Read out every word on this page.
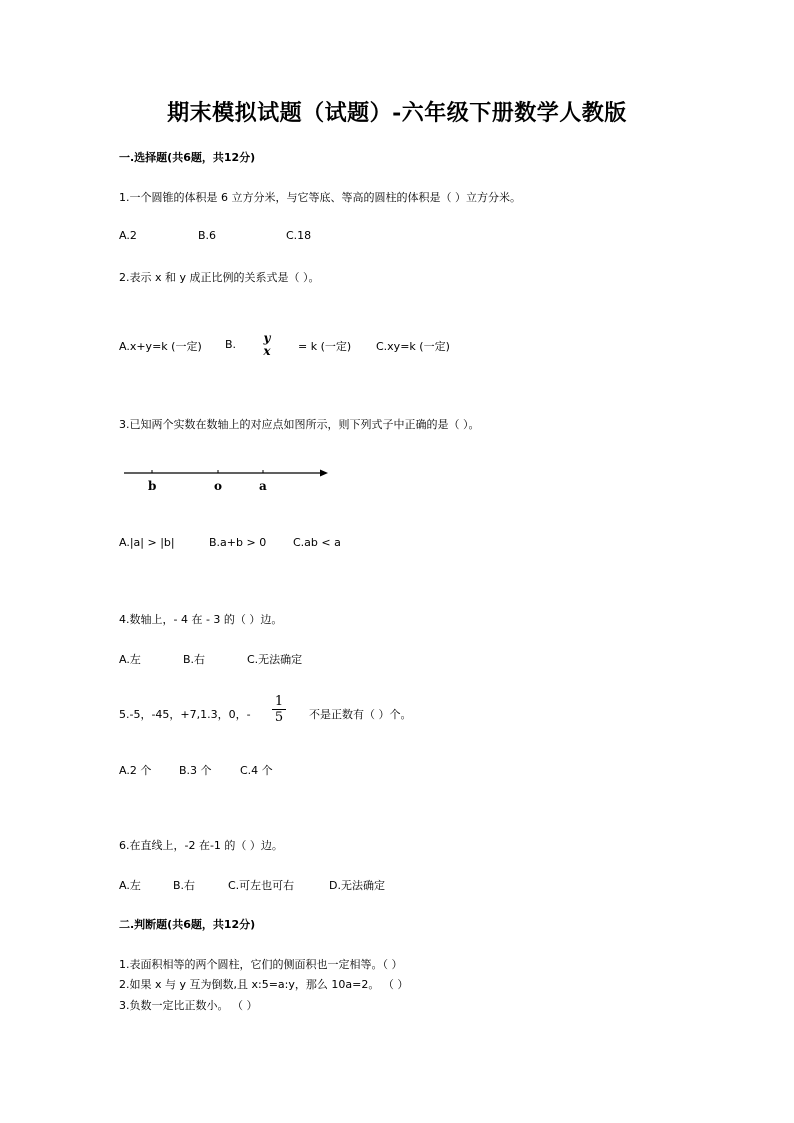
期末模拟试题（试题）-六年级下册数学人教版
一.选择题(共6题，共12分)
1.一个圆锥的体积是 6 立方分米，与它等底、等高的圆柱的体积是（ ）立方分米。
A.2	B.6	C.18
2.表示 x 和 y 成正比例的关系式是（ ）。
A.x+y=k (一定) B. y
x	= k (一定) C.xy=k (一定)
3.已知两个实数在数轴上的对应点如图所示，则下列式子中正确的是（ ）。
b	o	a
A.|a| > |b|	B.a+b > 0 C.ab < a
4.数轴上，- 4 在 - 3 的（ ）边。
A.左	B.右	C.无法确定
5.-5，-45，+7,1.3，0，-
1
5 不是正数有（ ）个。
A.2 个	B.3 个	C.4 个
6.在直线上，-2 在-1 的（ ）边。
A.左	B.右	C.可左也可右	D.无法确定
二.判断题(共6题，共12分)
1.表面积相等的两个圆柱，它们的侧面积也一定相等。（ ）
2.如果 x 与 y 互为倒数,且 x:5=a:y，那么 10a=2。 （ ）
3.负数一定比正数小。 （ ）
